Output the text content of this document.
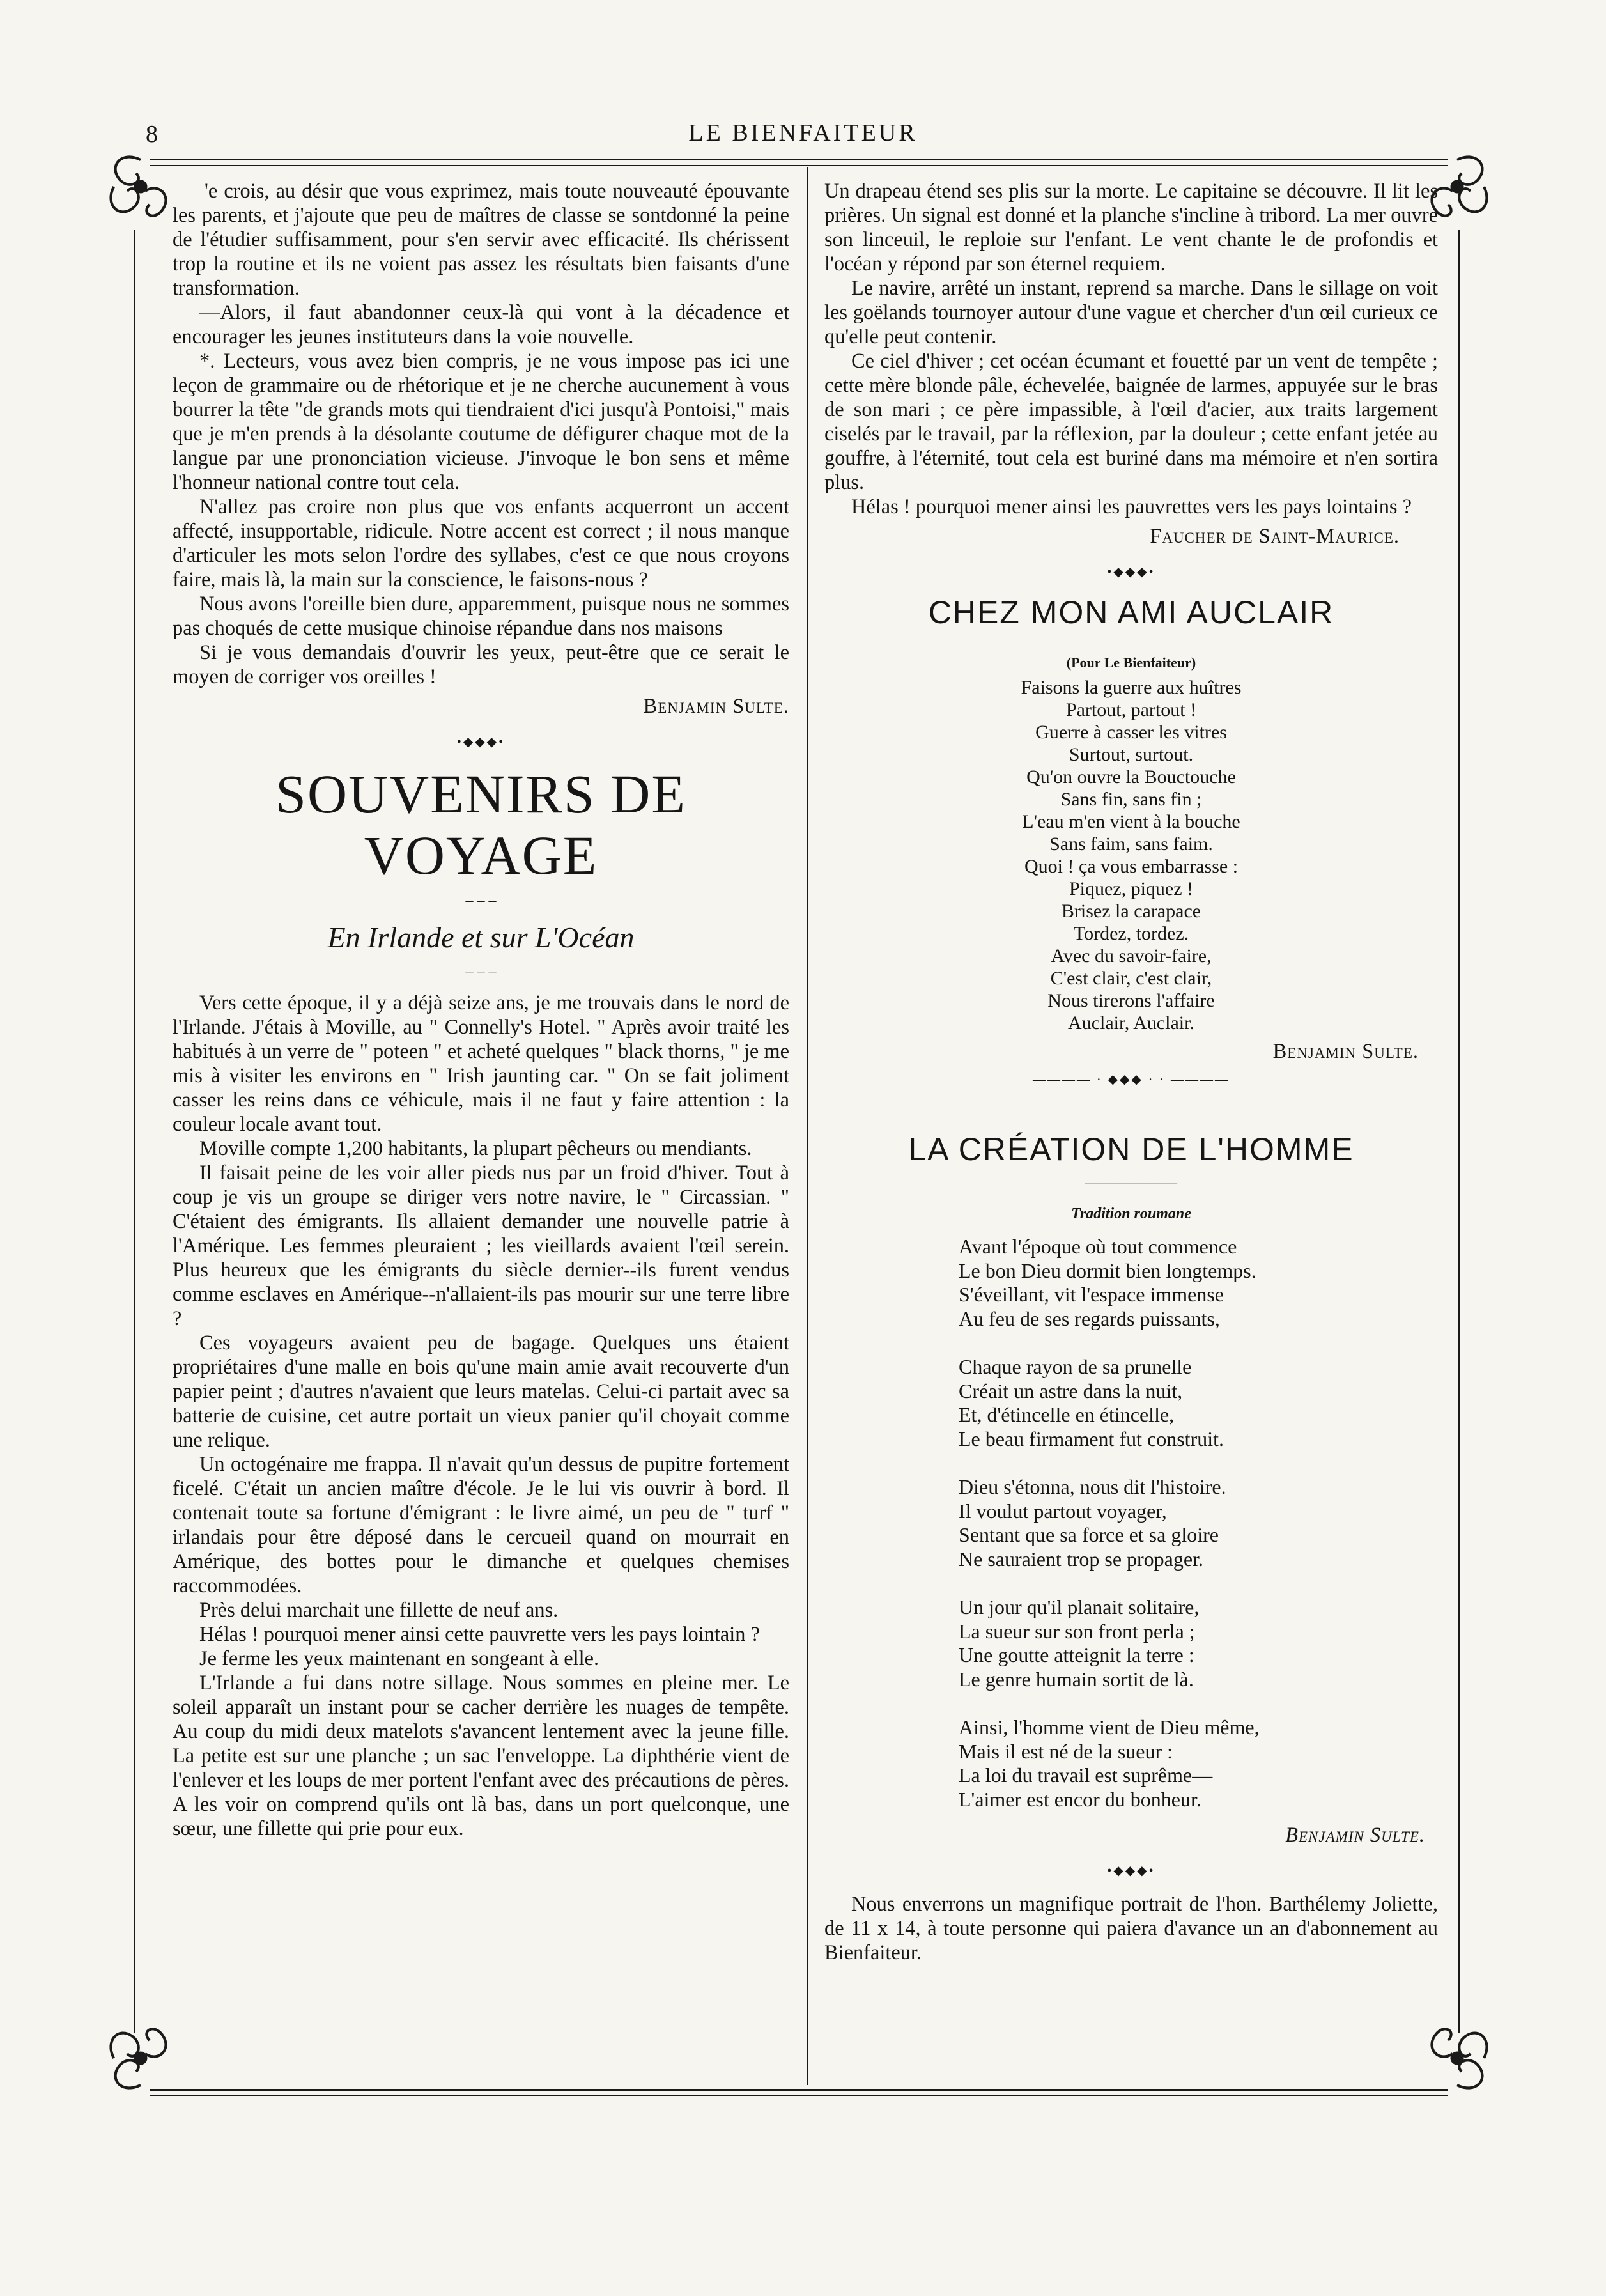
8	LE BIENFAITEUR

'e crois, au désir que vous exprimez, mais toute nouveauté épouvante les parents, et j'ajoute que peu de maîtres de classe se sontdonné la peine de l'étudier suffisamment, pour s'en servir avec efficacité. Ils chérissent trop la routine et ils ne voient pas assez les résultats bien faisants d'une transformation.

—Alors, il faut abandonner ceux-là qui vont à la décadence et encourager les jeunes instituteurs dans la voie nouvelle.

*. Lecteurs, vous avez bien compris, je ne vous impose pas ici une leçon de grammaire ou de rhétorique et je ne cherche aucunement à vous bourrer la tête "de grands mots qui tiendraient d'ici jusqu'à Pontoisi," mais que je m'en prends à la désolante coutume de défigurer chaque mot de la langue par une prononciation vicieuse. J'invoque le bon sens et même l'honneur national contre tout cela.

N'allez pas croire non plus que vos enfants acquerront un accent affecté, insupportable, ridicule. Notre accent est correct ; il nous manque d'articuler les mots selon l'ordre des syllabes, c'est ce que nous croyons faire, mais là, la main sur la conscience, le faisons-nous ?

Nous avons l'oreille bien dure, apparemment, puisque nous ne sommes pas choqués de cette musique chinoise répandue dans nos maisons

Si je vous demandais d'ouvrir les yeux, peut-être que ce serait le moyen de corriger vos oreilles !

Benjamin Sulte.
—————•◆◆◆•—————
SOUVENIRS DE VOYAGE
– – –
En Irlande et sur L'Océan
– – –

Vers cette époque, il y a déjà seize ans, je me trouvais dans le nord de l'Irlande. J'étais à Moville, au " Connelly's Hotel. " Après avoir traité les habitués à un verre de " poteen " et acheté quelques " black thorns, " je me mis à visiter les environs en " Irish jaunting car. " On se fait joliment casser les reins dans ce véhicule, mais il ne faut y faire attention : la couleur locale avant tout.

Moville compte 1,200 habitants, la plupart pêcheurs ou mendiants.

Il faisait peine de les voir aller pieds nus par un froid d'hiver. Tout à coup je vis un groupe se diriger vers notre navire, le " Circassian. " C'étaient des émigrants. Ils allaient demander une nouvelle patrie à l'Amérique. Les femmes pleuraient ; les vieillards avaient l'œil serein. Plus heureux que les émigrants du siècle dernier--ils furent vendus comme esclaves en Amérique--n'allaient-ils pas mourir sur une terre libre ?

Ces voyageurs avaient peu de bagage. Quelques uns étaient propriétaires d'une malle en bois qu'une main amie avait recouverte d'un papier peint ; d'autres n'avaient que leurs matelas. Celui-ci partait avec sa batterie de cuisine, cet autre portait un vieux panier qu'il choyait comme une relique.

Un octogénaire me frappa. Il n'avait qu'un dessus de pupitre fortement ficelé. C'était un ancien maître d'école. Je le lui vis ouvrir à bord. Il contenait toute sa fortune d'émigrant : le livre aimé, un peu de " turf " irlandais pour être déposé dans le cercueil quand on mourrait en Amérique, des bottes pour le dimanche et quelques chemises raccommodées.

Près delui marchait une fillette de neuf ans.

Hélas ! pourquoi mener ainsi cette pauvrette vers les pays lointain ?

Je ferme les yeux maintenant en songeant à elle.

L'Irlande a fui dans notre sillage. Nous sommes en pleine mer. Le soleil apparaît un instant pour se cacher derrière les nuages de tempête. Au coup du midi deux matelots s'avancent lentement avec la jeune fille. La petite est sur une planche ; un sac l'enveloppe. La diphthérie vient de l'enlever et les loups de mer portent l'enfant avec des précautions de pères. A les voir on comprend qu'ils ont là bas, dans un port quelconque, une sœur, une fillette qui prie pour eux.

Un drapeau étend ses plis sur la morte. Le capitaine se découvre. Il lit les prières. Un signal est donné et la planche s'incline à tribord. La mer ouvre son linceuil, le reploie sur l'enfant. Le vent chante le de profondis et l'océan y répond par son éternel requiem.

Le navire, arrêté un instant, reprend sa marche. Dans le sillage on voit les goëlands tournoyer autour d'une vague et chercher d'un œil curieux ce qu'elle peut contenir.

Ce ciel d'hiver ; cet océan écumant et fouetté par un vent de tempête ; cette mère blonde pâle, échevelée, baignée de larmes, appuyée sur le bras de son mari ; ce père impassible, à l'œil d'acier, aux traits largement ciselés par le travail, par la réflexion, par la douleur ; cette enfant jetée au gouffre, à l'éternité, tout cela est buriné dans ma mémoire et n'en sortira plus.

Hélas ! pourquoi mener ainsi les pauvrettes vers les pays lointains ?

Faucher de Saint-Maurice.
————•◆◆◆•————
CHEZ MON AMI AUCLAIR
(Pour Le Bienfaiteur)
Faisons la guerre aux huîtres
Partout, partout !
Guerre à casser les vitres
Surtout, surtout.
Qu'on ouvre la Bouctouche
Sans fin, sans fin ;
L'eau m'en vient à la bouche
Sans faim, sans faim.
Quoi ! ça vous embarrasse :
Piquez, piquez !
Brisez la carapace
Tordez, tordez.
Avec du savoir-faire,
C'est clair, c'est clair,
Nous tirerons l'affaire
Auclair, Auclair.
Benjamin Sulte.
———— · ◆◆◆ · · ————
LA CRÉATION DE L'HOMME
——————
Tradition roumane
Avant l'époque où tout commence
Le bon Dieu dormit bien longtemps.
S'éveillant, vit l'espace immense
Au feu de ses regards puissants,
Chaque rayon de sa prunelle
Créait un astre dans la nuit,
Et, d'étincelle en étincelle,
Le beau firmament fut construit.
Dieu s'étonna, nous dit l'histoire.
Il voulut partout voyager,
Sentant que sa force et sa gloire
Ne sauraient trop se propager.
Un jour qu'il planait solitaire,
La sueur sur son front perla ;
Une goutte atteignit la terre :
Le genre humain sortit de là.
Ainsi, l'homme vient de Dieu même,
Mais il est né de la sueur :
La loi du travail est suprême—
L'aimer est encor du bonheur.
Benjamin Sulte.
————•◆◆◆•————

Nous enverrons un magnifique portrait de l'hon. Barthélemy Joliette, de 11 x 14, à toute personne qui paiera d'avance un an d'abonnement au Bienfaiteur.
